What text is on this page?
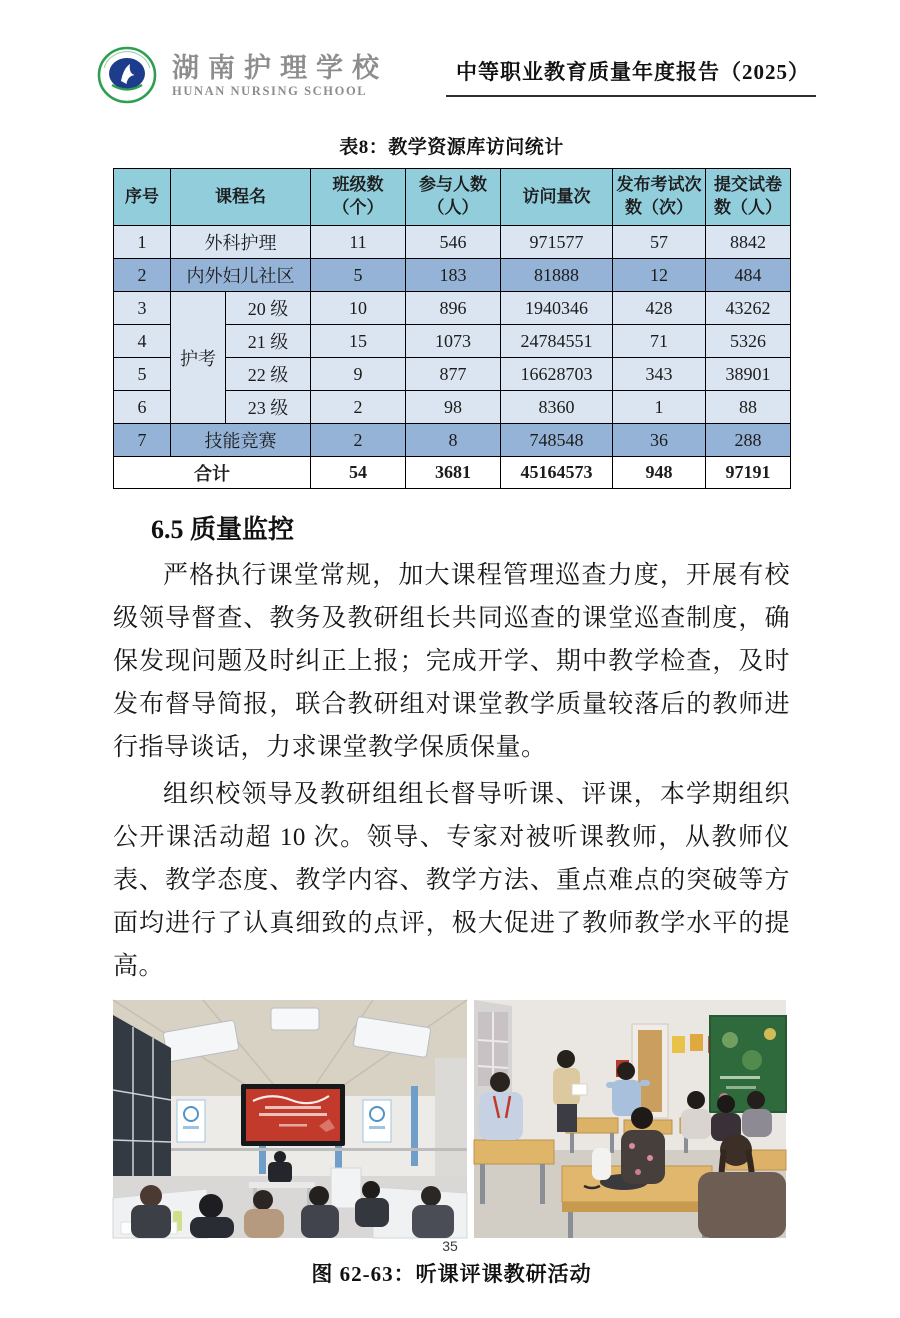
湖南护理学校
HUNAN NURSING SCHOOL
中等职业教育质量年度报告（2025）
表8：教学资源库访问统计
序号	课程名		班级数（个）	参与人数（人）	访问量次	发布考试次数（次）	提交试卷数（人）
1	外科护理		11	546	971577	57	8842
2	内外妇儿社区		5	183	81888	12	484
3	护考	20 级	10	896	1940346	428	43262
4		21 级	15	1073	24784551	71	5326
5		22 级	9	877	16628703	343	38901
6		23 级	2	98	8360	1	88
7	技能竞赛		2	8	748548	36	288
合计			54	3681	45164573	948	97191
6.5 质量监控

严格执行课堂常规，加大课程管理巡查力度，开展有校级领导督查、教务及教研组长共同巡查的课堂巡查制度，确保发现问题及时纠正上报；完成开学、期中教学检查，及时发布督导简报，联合教研组对课堂教学质量较落后的教师进行指导谈话，力求课堂教学保质保量。

组织校领导及教研组组长督导听课、评课，本学期组织公开课活动超 10 次。领导、专家对被听课教师，从教师仪表、教学态度、教学内容、教学方法、重点难点的突破等方面均进行了认真细致的点评，极大促进了教师教学水平的提高。

图 62-63：听课评课教研活动
35
